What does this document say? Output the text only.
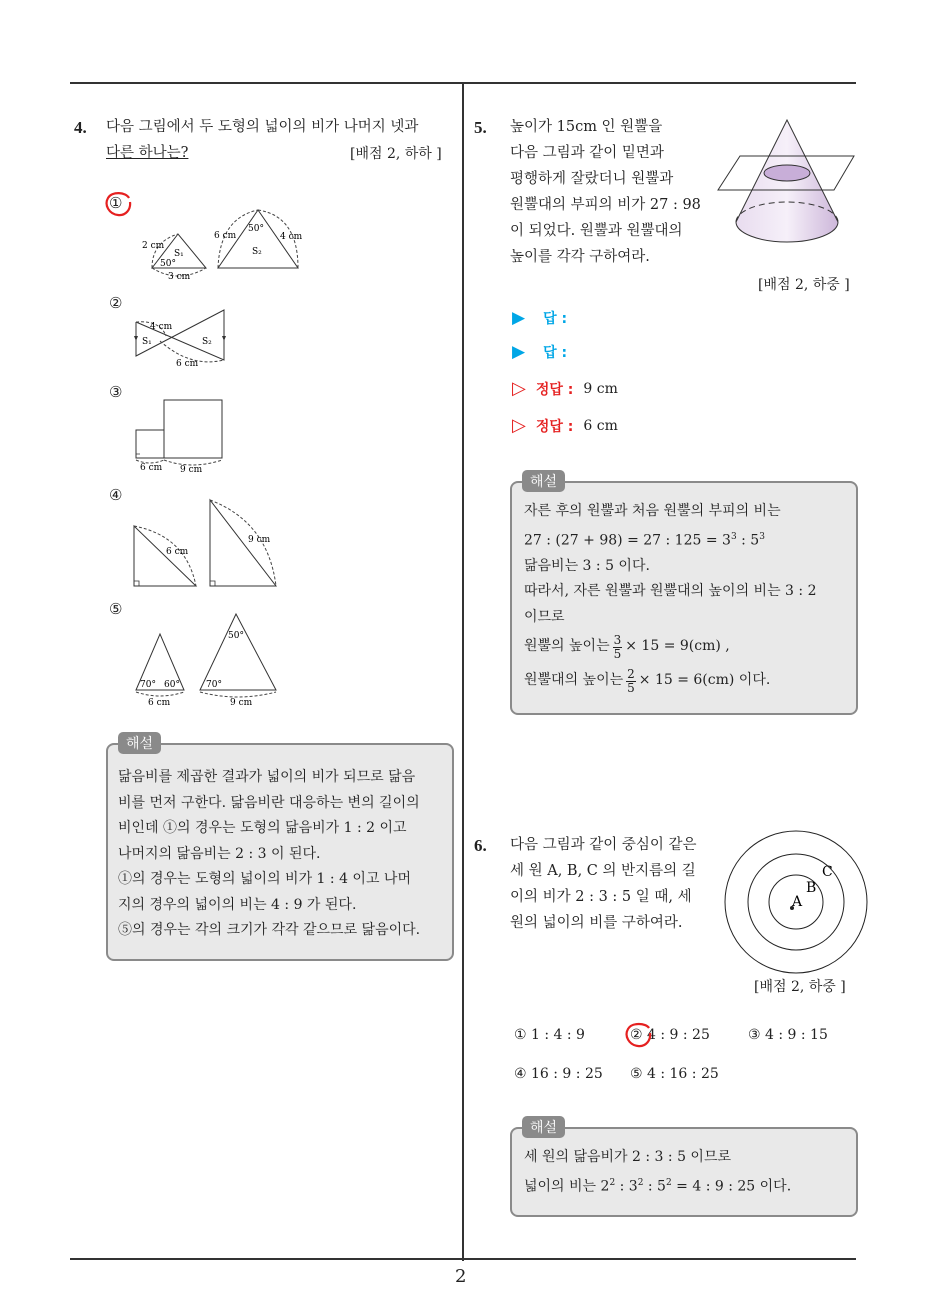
2
4. 다음 그림에서 두 도형의 넓이의 비가 나머지 넷과
다른 하나는?	[배점 2, 하하 ]
①
②
③
④
⑤
2 cm
S₁
50°
3 cm
6 cm
50°
4 cm
S₂
4 cm
S₁	S₂
6 cm
6 cm 9 cm
6 cm
9 cm
70° 60°
6 cm
50°
70°
9 cm
닮음비를 제곱한 결과가 넓이의 비가 되므로 닮음
비를 먼저 구한다. 닮음비란 대응하는 변의 길이의
비인데 ①의 경우는 도형의 닮음비가 1 : 2 이고
나머지의 닮음비는 2 : 3 이 된다.
①의 경우는 도형의 넓이의 비가 1 : 4 이고 나머
지의 경우의 넓이의 비는 4 : 9 가 된다.
⑤의 경우는 각의 크기가 각각 같으므로 닮음이다.
해설
5. 높이가 15cm 인 원뿔을
다음 그림과 같이 밑면과
평행하게 잘랐더니 원뿔과
원뿔대의 부피의 비가 27 : 98
이 되었다. 원뿔과 원뿔대의
높이를 각각 구하여라.
[배점 2, 하중 ]
▶ 답 :
▶ 답 :
▷ 정답 : 9 cm
▷ 정답 : 6 cm
자른 후의 원뿔과 처음 원뿔의 부피의 비는
27 : (27 + 98) = 27 : $125 = 3^3$ : $5^3$
닮음비는 3 : 5 이다.
따라서, 자른 원뿔과 원뿔대의 높이의 비는 3 : 2
이므로
원뿔의 높이는 $\frac{3}{5} \times 15 = 9(cm)$ ,
원뿔대의 높이는 $\frac{2}{5} \times 15 = 6(cm)$ 이다.
해설
6. 다음 그림과 같이 중심이 같은
세 원 A, B, C 의 반지름의 길
이의 비가 2 : 3 : 5 일 때, 세
원의 넓이의 비를 구하여라.
A
B
C
[배점 2, 하중 ]
① 1 : 4 : 9	② 4 : 9 : 25	③ 4 : 9 : 15
④ 16 : 9 : 25 ⑤ 4 : 16 : 25
세 원의 닮음비가 2 : 3 : 5 이므로
넓이의 비는 $2^2$ : $3^2$ : $5^2 = 4$ : 9 : 25 이다.
해설
